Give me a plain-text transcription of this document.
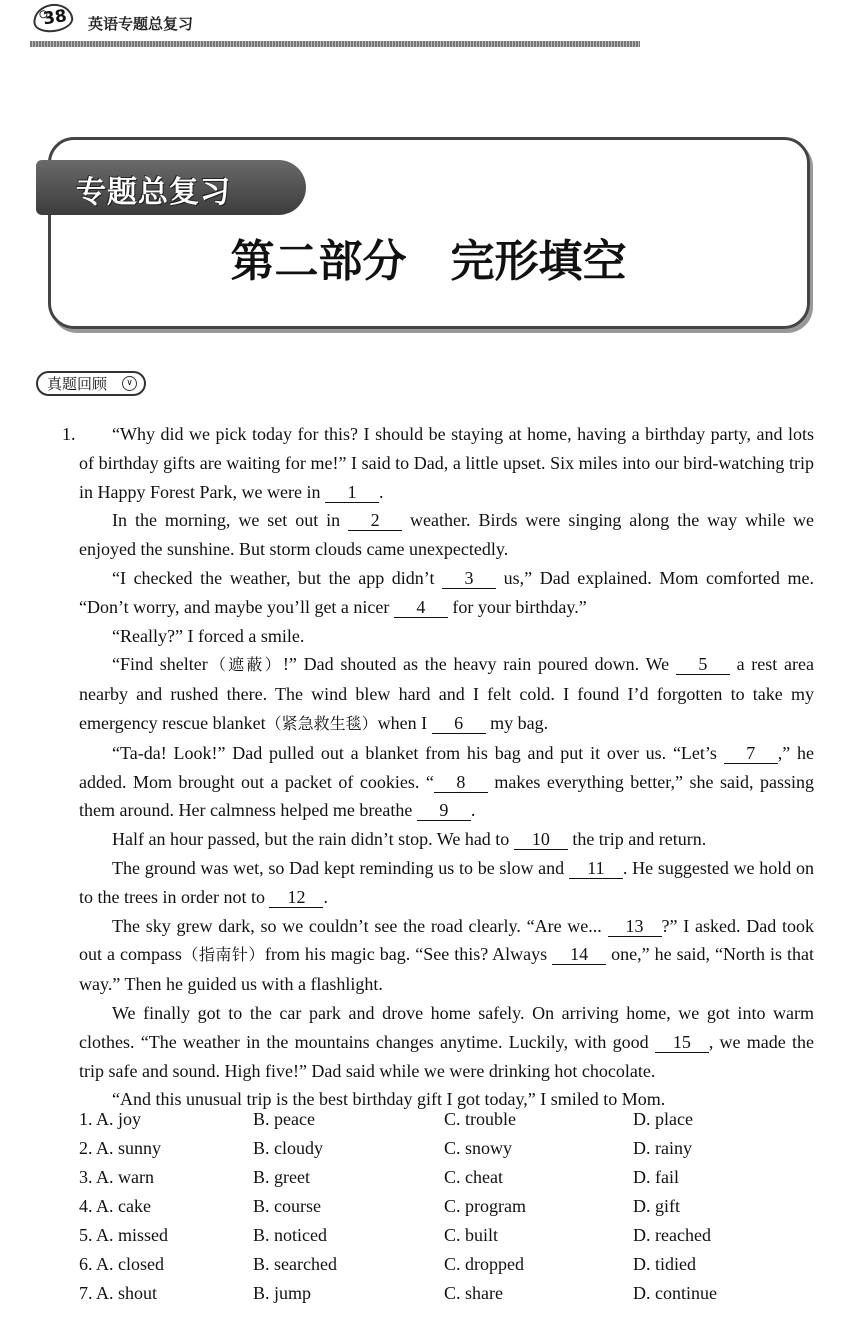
38 英语专题总复习
专题总复习
第二部分　完形填空
真题回顾	∨

1. “Why did we pick today for this? I should be staying at home, having a birthday party, and lots of birthday gifts are waiting for me!” I said to Dad, a little upset. Six miles into our bird-watching trip in Happy Forest Park, we were in 1 .

In the morning, we set out in 2 weather. Birds were singing along the way while we enjoyed the sunshine. But storm clouds came unexpectedly.

“I checked the weather, but the app didn’t 3 us,” Dad explained. Mom comforted me. “Don’t worry, and maybe you’ll get a nicer 4 for your birthday.”

“Really?” I forced a smile.

“Find shelter（遮蔽）!” Dad shouted as the heavy rain poured down. We 5 a rest area nearby and rushed there. The wind blew hard and I felt cold. I found I’d forgotten to take my emergency rescue blanket（紧急救生毯）when I 6 my bag.

“Ta-da! Look!” Dad pulled out a blanket from his bag and put it over us. “Let’s 7 ,” he added. Mom brought out a packet of cookies. “ 8 makes everything better,” she said, passing them around. Her calmness helped me breathe 9 .

Half an hour passed, but the rain didn’t stop. We had to 10 the trip and return.

The ground was wet, so Dad kept reminding us to be slow and 11 . He suggested we hold on to the trees in order not to 12 .

The sky grew dark, so we couldn’t see the road clearly. “Are we... 13 ?” I asked. Dad took out a compass（指南针）from his magic bag. “See this? Always 14 one,” he said, “North is that way.” Then he guided us with a flashlight.

We finally got to the car park and drove home safely. On arriving home, we got into warm clothes. “The weather in the mountains changes anytime. Luckily, with good 15 , we made the trip safe and sound. High five!” Dad said while we were drinking hot chocolate.

“And this unusual trip is the best birthday gift I got today,” I smiled to Mom.

1. A. joy	B. peace	C. trouble	D. place
2. A. sunny	B. cloudy	C. snowy	D. rainy
3. A. warn	B. greet	C. cheat	D. fail
4. A. cake	B. course	C. program	D. gift
5. A. missed	B. noticed	C. built	D. reached
6. A. closed	B. searched	C. dropped	D. tidied
7. A. shout	B. jump	C. share	D. continue
